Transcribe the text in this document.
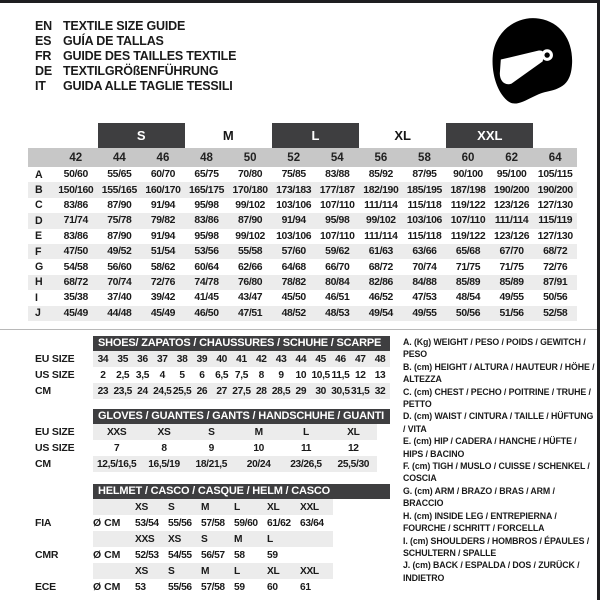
EN TEXTILE SIZE GUIDE
ES GUÍA DE TALLAS
FR GUIDE DES TAILLES TEXTILE
DE TEXTILGRÖßENFÜHRUNG
IT	GUIDA ALLE TAGLIE TESSILI
		S		M		L		XL		XXL		
	42	44	46	48	50	52	54	56	58	60	62	64
A	50/60	55/65	60/70	65/75	70/80	75/85	83/88	85/92	87/95	90/100	95/100	105/115
B	150/160	155/165	160/170	165/175	170/180	173/183	177/187	182/190	185/195	187/198	190/200	190/200
C	83/86	87/90	91/94	95/98	99/102	103/106	107/110	111/114	115/118	119/122	123/126	127/130
D	71/74	75/78	79/82	83/86	87/90	91/94	95/98	99/102	103/106	107/110	111/114	115/119
E	83/86	87/90	91/94	95/98	99/102	103/106	107/110	111/114	115/118	119/122	123/126	127/130
F	47/50	49/52	51/54	53/56	55/58	57/60	59/62	61/63	63/66	65/68	67/70	68/72
G	54/58	56/60	58/62	60/64	62/66	64/68	66/70	68/72	70/74	71/75	71/75	72/76
H	68/72	70/74	72/76	74/78	76/80	78/82	80/84	82/86	84/88	85/89	85/89	87/91
I	35/38	37/40	39/42	41/45	43/47	45/50	46/51	46/52	47/53	48/54	49/55	50/56
J	45/49	44/48	45/49	46/50	47/51	48/52	48/53	49/54	49/55	50/56	51/56	52/58
SHOES/ ZAPATOS / CHAUSSURES / SCHUHE / SCARPE
EU SIZE	34 35 36 37 38 39 40 41 42 43 44 45 46 47 48
US SIZE	2	2,5 3,5	4	5	6	6,5 7,5	8	9	10 10,5 11,5 12 13
CM	23 23,5 24 24,5 25,5 26 27 27,5 28 28,5 29 30 30,5 31,5 32
GLOVES / GUANTES / GANTS / HANDSCHUHE / GUANTI
EU SIZE	XXS	XS	S	M	L	XL
US SIZE	7	8	9	10	11	12
CM	12,5/16,5	16,5/19	18/21,5	20/24	23/26,5	25,5/30
HELMET / CASCO / CASQUE / HELM / CASCO
XS	S	M	L	XL	XXL
FIA	Ø CM	53/54 55/56 57/58 59/60 61/62 63/64
XXS	XS	S	M	L
CMR	Ø CM	52/53 54/55 56/57 58	59
XS	S	M	L	XL	XXL
ECE	Ø CM	53	55/56 57/58 59	60	61
A. (Kg) WEIGHT / PESO / POIDS / GEWITCH / PESO
B. (cm) HEIGHT / ALTURA / HAUTEUR / HÖHE / ALTEZZA
C. (cm) CHEST / PECHO / POITRINE / TRUHE / PETTO
D. (cm) WAIST / CINTURA / TAILLE / HÜFTUNG / VITA
E. (cm) HIP / CADERA / HANCHE / HÜFTE / HIPS / BACINO
F. (cm) TIGH / MUSLO / CUISSE / SCHENKEL / COSCIA
G. (cm) ARM / BRAZO / BRAS / ARM / BRACCIO
H. (cm) INSIDE LEG / ENTREPIERNA / FOURCHE / SCHRITT / FORCELLA
I. (cm) SHOULDERS / HOMBROS / ÉPAULES / SCHULTERN / SPALLE
J. (cm) BACK / ESPALDA / DOS / ZURÜCK / INDIETRO
